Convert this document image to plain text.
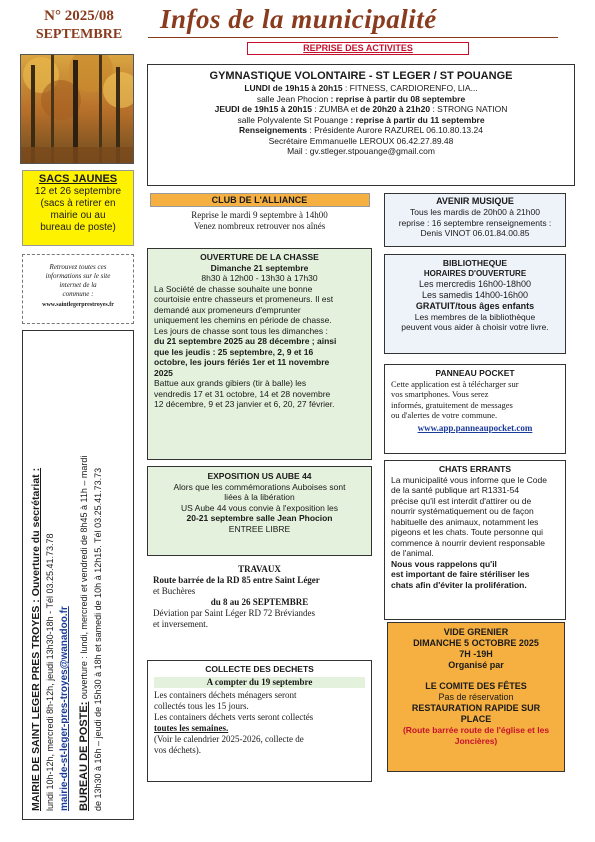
N° 2025/08
SEPTEMBRE
Infos de la municipalité
REPRISE DES ACTIVITES
GYMNASTIQUE VOLONTAIRE - ST LEGER / ST POUANGE
LUNDI de 19h15 à 20h15 : FITNESS, CARDIORENFO, LIA...
salle Jean Phocion : reprise à partir du 08 septembre
JEUDI de 19h15 à 20h15 : ZUMBA et de 20h20 à 21h20 : STRONG NATION
salle Polyvalente St Pouange : reprise à partir du 11 septembre
Renseignements : Présidente Aurore RAZUREL 06.10.80.13.24
Secrétaire Emmanuelle LEROUX 06.42.27.89.48
Mail : gv.stleger.stpouange@gmail.com
SACS JAUNES
12 et 26 septembre
(sacs à retirer en
mairie ou au
bureau de poste)
Retrouvez toutes ces
informations sur le site
internet de la
commune :
www.saintlegerprestroyes.fr
MAIRIE DE SAINT LEGER PRES TROYES : Ouverture du secrétariat : lundi 10h-12h, mercredi 8h-12h, jeudi 13h30-18h - Tél 03.25.41.73.78 mairie-de-st-leger-pres-troyes@wanadoo.fr BUREAU DE POSTE: ouverture : lundi, mercredi et vendredi de 8h45 à 11h – mardi de 13h30 à 16h – jeudi de 15h30 à 18h et samedi de 10h à 12h15. Tél 03.25.41.73.73
CLUB DE L'ALLIANCE
Reprise le mardi 9 septembre à 14h00
Venez nombreux retrouver nos aînés
AVENIR MUSIQUE
Tous les mardis de 20h00 à 21h00
reprise : 16 septembre renseignements :
Denis VINOT 06.01.84.00.85
OUVERTURE DE LA CHASSE
Dimanche 21 septembre
8h30 à 12h00 - 13h30 à 17h30
La Société de chasse souhaite une bonne
courtoisie entre chasseurs et promeneurs. Il est
demandé aux promeneurs d'emprunter
uniquement les chemins en période de chasse.
Les jours de chasse sont tous les dimanches :
du 21 septembre 2025 au 28 décembre ; ainsi
que les jeudis : 25 septembre, 2, 9 et 16
octobre, les jours fériés 1er et 11 novembre
2025
Battue aux grands gibiers (tir à balle) les
vendredis 17 et 31 octobre, 14 et 28 novembre
12 décembre, 9 et 23 janvier et 6, 20, 27 février.
BIBLIOTHEQUE
HORAIRES D'OUVERTURE
Les mercredis 16h00-18h00
Les samedis 14h00-16h00
GRATUIT/tous âges enfants
Les membres de la bibliothèque
peuvent vous aider à choisir votre livre.
PANNEAU POCKET
Cette application est à télécharger sur
vos smartphones. Vous serez
informés, gratuitement de messages
ou d'alertes de votre commune.
www.app.panneaupocket.com
EXPOSITION US AUBE 44
Alors que les commémorations Auboises sont
liées à la libération
US Aube 44 vous convie à l'exposition les
20-21 septembre salle Jean Phocion
ENTREE LIBRE
CHATS ERRANTS
La municipalité vous informe que le Code
de la santé publique art R1331-54
précise qu'il est interdit d'attirer ou de
nourrir systématiquement ou de façon
habituelle des animaux, notamment les
pigeons et les chats. Toute personne qui
commence à nourrir devient responsable
de l'animal.
Nous vous rappelons qu'il
est important de faire stériliser les
chats afin d'éviter la prolifération.
TRAVAUX
Route barrée de la RD 85 entre Saint Léger
et Buchères
du 8 au 26 SEPTEMBRE
Déviation par Saint Léger RD 72 Bréviandes
et inversement.
COLLECTE DES DECHETS
A compter du 19 septembre
Les containers déchets ménagers seront
collectés tous les 15 jours.
Les containers déchets verts seront collectés
toutes les semaines.
(Voir le calendrier 2025-2026, collecte de
vos déchets).
VIDE GRENIER
DIMANCHE 5 OCTOBRE 2025
7H -19H
Organisé par
LE COMITE DES FÊTES
Pas de réservation
RESTAURATION RAPIDE SUR
PLACE
(Route barrée route de l'église et les
Joncières)
